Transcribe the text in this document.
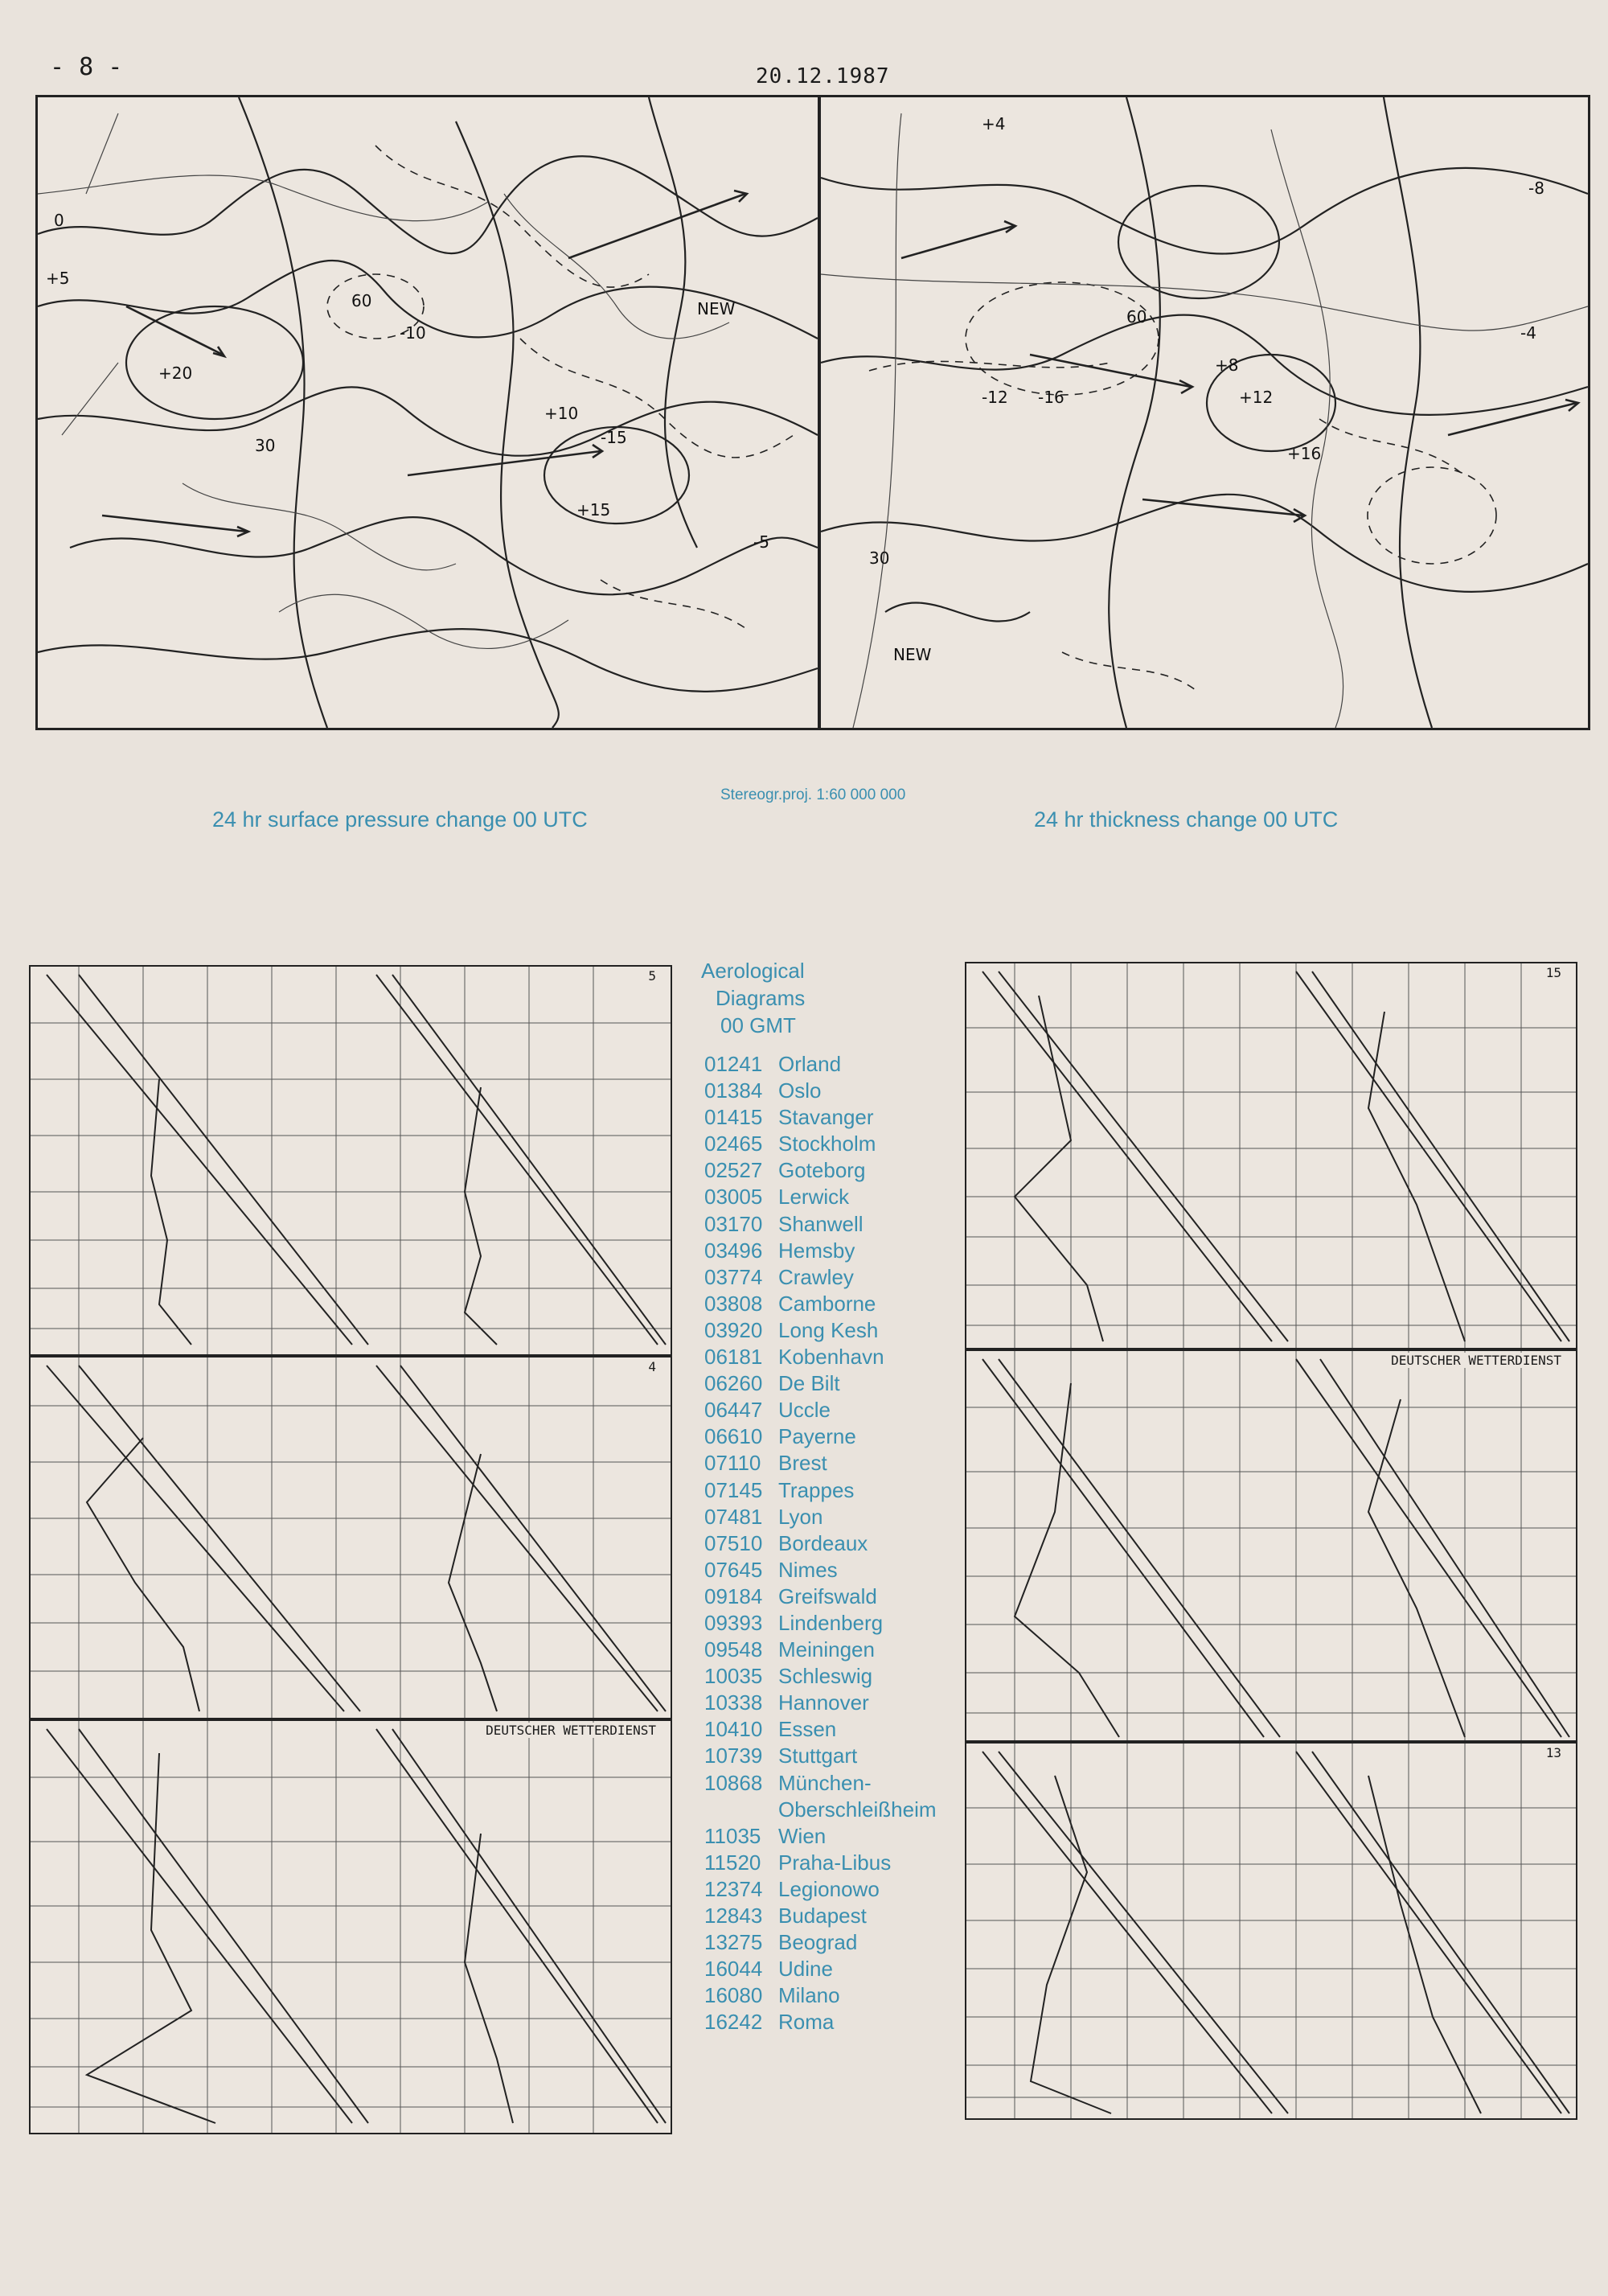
- 8 -	20.12.1987
0
-10
-15
-5
+5
+10
+15
+20
60
30
NEW
+4
-8
-12 -16
+8
+12
+16
60
30
NEW
-4
24 hr surface pressure change 00 UTC	24 hr thickness change 00 UTC
Stereogr.proj. 1:60 000 000
5
4
DEUTSCHER WETTERDIENST
Aerological
Diagrams
00 GMT
01241 Orland
01384 Oslo
01415 Stavanger
02465 Stockholm
02527 Goteborg
03005 Lerwick
03170 Shanwell
03496 Hemsby
03774 Crawley
03808 Camborne
03920 Long Kesh
06181 Kobenhavn
06260 De Bilt
06447 Uccle
06610 Payerne
07110 Brest
07145 Trappes
07481 Lyon
07510 Bordeaux
07645 Nimes
09184 Greifswald
09393 Lindenberg
09548 Meiningen
10035 Schleswig
10338 Hannover
10410 Essen
10739 Stuttgart
10868 München-
Oberschleißheim
11035 Wien
11520 Praha-Libus
12374 Legionowo
12843 Budapest
13275 Beograd
16044 Udine
16080 Milano
16242 Roma
15
DEUTSCHER WETTERDIENST
13
